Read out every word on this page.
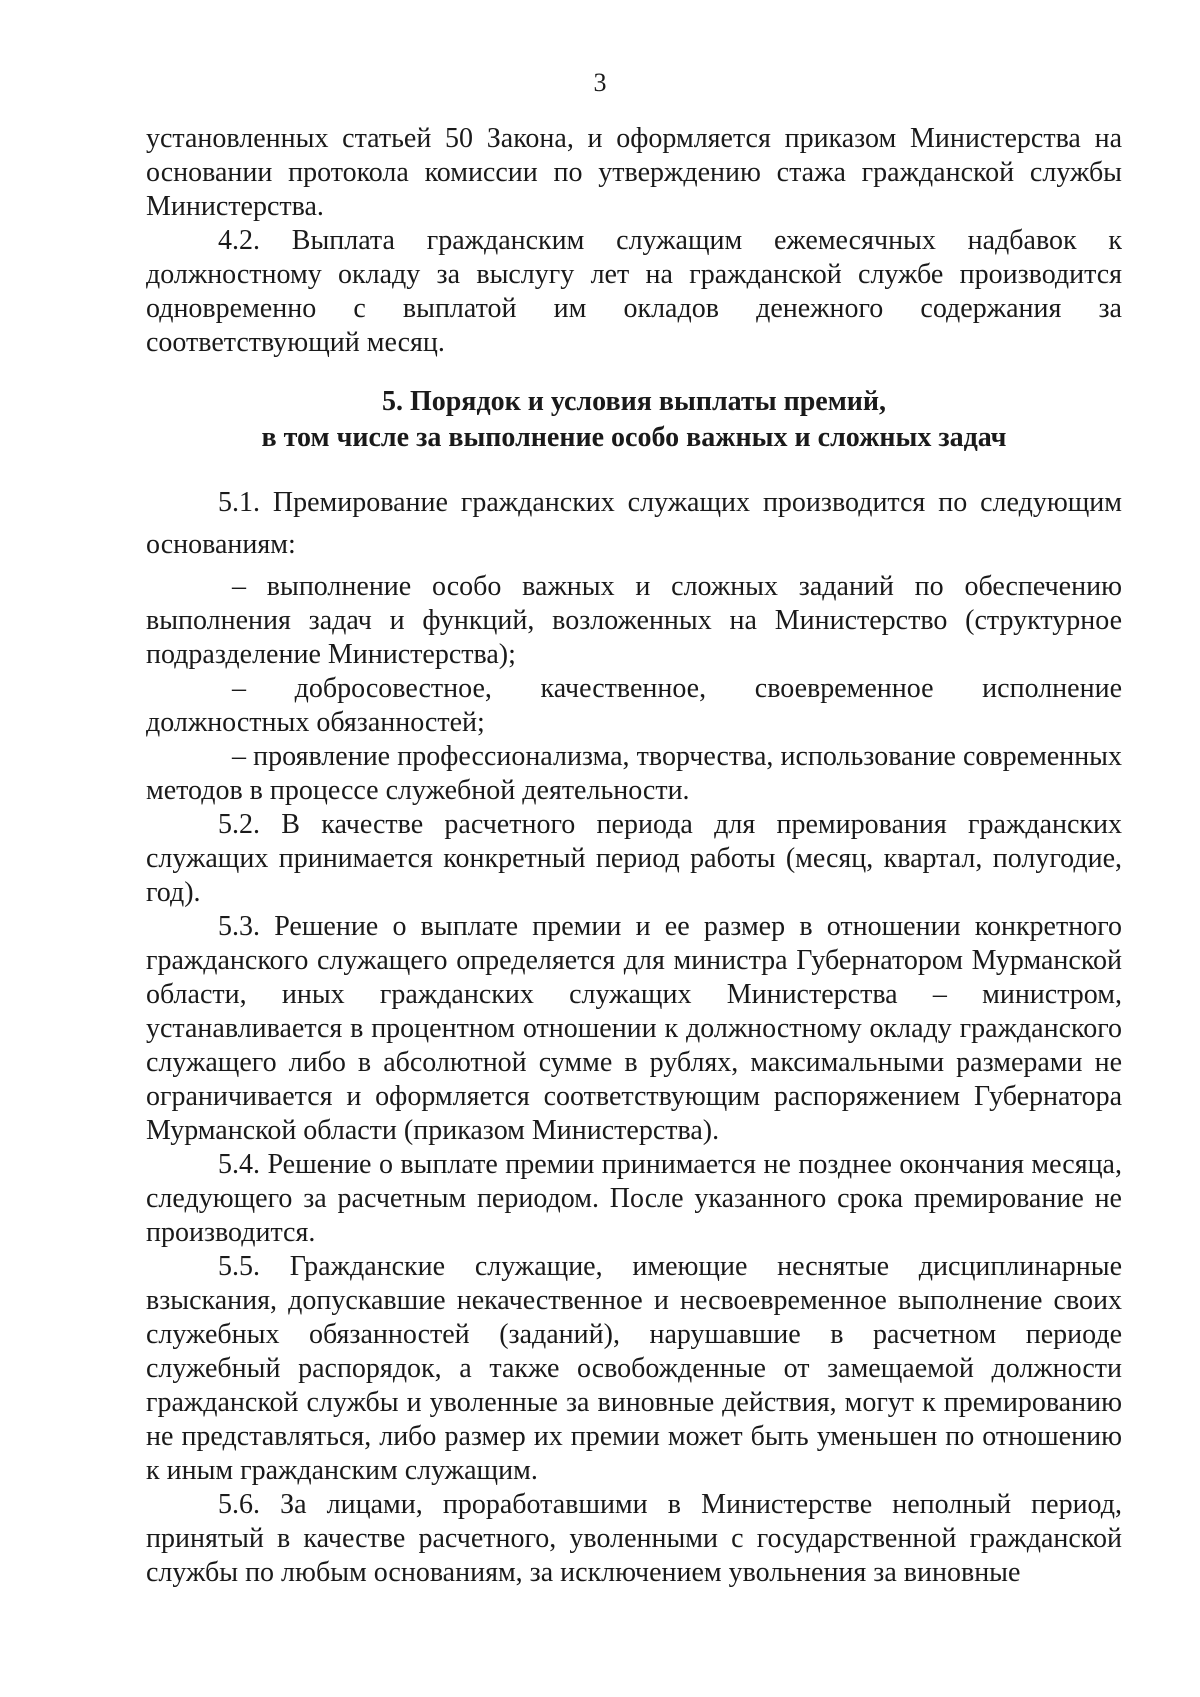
3

установленных статьей 50 Закона, и оформляется приказом Министерства на основании протокола комиссии по утверждению стажа гражданской службы Министерства.

4.2. Выплата гражданским служащим ежемесячных надбавок к должностному окладу за выслугу лет на гражданской службе производится одновременно с выплатой им окладов денежного содержания за соответствующий месяц.

5. Порядок и условия выплаты премий,
в том числе за выполнение особо важных и сложных задач

5.1. Премирование гражданских служащих производится по следующим основаниям:

– выполнение особо важных и сложных заданий по обеспечению выполнения задач и функций, возложенных на Министерство (структурное подразделение Министерства);

– добросовестное, качественное, своевременное исполнение должностных обязанностей;

– проявление профессионализма, творчества, использование современных методов в процессе служебной деятельности.

5.2. В качестве расчетного периода для премирования гражданских служащих принимается конкретный период работы (месяц, квартал, полугодие, год).

5.3. Решение о выплате премии и ее размер в отношении конкретного гражданского служащего определяется для министра Губернатором Мурманской области, иных гражданских служащих Министерства – министром, устанавливается в процентном отношении к должностному окладу гражданского служащего либо в абсолютной сумме в рублях, максимальными размерами не ограничивается и оформляется соответствующим распоряжением Губернатора Мурманской области (приказом Министерства).

5.4. Решение о выплате премии принимается не позднее окончания месяца, следующего за расчетным периодом. После указанного срока премирование не производится.

5.5. Гражданские служащие, имеющие неснятые дисциплинарные взыскания, допускавшие некачественное и несвоевременное выполнение своих служебных обязанностей (заданий), нарушавшие в расчетном периоде служебный распорядок, а также освобожденные от замещаемой должности гражданской службы и уволенные за виновные действия, могут к премированию не представляться, либо размер их премии может быть уменьшен по отношению к иным гражданским служащим.

5.6. За лицами, проработавшими в Министерстве неполный период, принятый в качестве расчетного, уволенными с государственной гражданской службы по любым основаниям, за исключением увольнения за виновные
